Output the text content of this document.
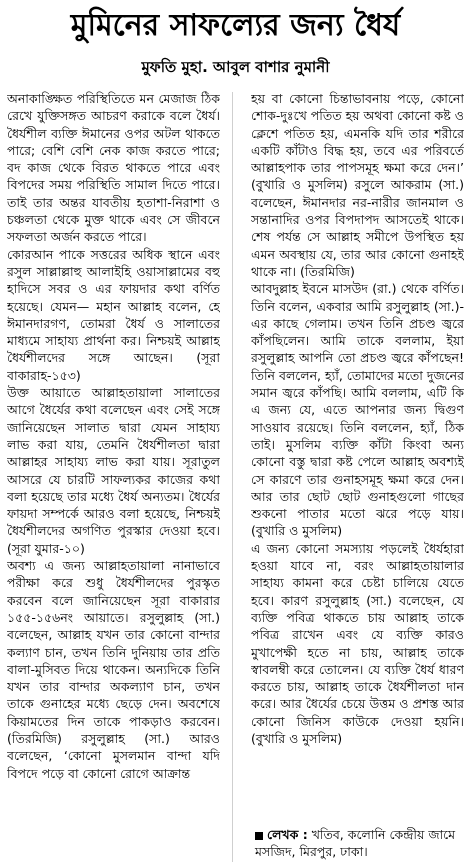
মুমিনের সাফল্যের জন্য ধৈর্য
মুফতি মুহা. আবুল বাশার নুমানী

অনাকাঙ্ক্ষিত পরিস্থিতিতে মন মেজাজ ঠিক রেখে যুক্তিসঙ্গত আচরণ করাকে বলে ধৈর্য। ধৈর্যশীল ব্যক্তি ঈমানের ওপর অটল থাকতে পারে; বেশি বেশি নেক কাজ করতে পারে; বদ কাজ থেকে বিরত থাকতে পারে এবং বিপদের সময় পরিস্থিতি সামাল দিতে পারে। তাই তার অন্তর যাবতীয় হতাশা-নিরাশা ও চঞ্চলতা থেকে মুক্ত থাকে এবং সে জীবনে সফলতা অর্জন করতে পারে।

কোরআন পাকে সত্তরের অধিক স্থানে এবং রসুল সাল্লাল্লাহু আলাইহি ওয়াসাল্লামের বহু হাদিসে সবর ও এর ফায়দার কথা বর্ণিত হয়েছে। যেমন— মহান আল্লাহ বলেন, হে ঈমানদারগণ, তোমরা ধৈর্য ও সালাতের মাধ্যমে সাহায্য প্রার্থনা কর। নিশ্চয়ই আল্লাহ ধৈর্যশীলদের সঙ্গে আছেন। (সূরা বাকারাহ-১৫৩)

উক্ত আয়াতে আল্লাহতায়ালা সালাতের আগে ধৈর্যের কথা বলেছেন এবং সেই সঙ্গে জানিয়েছেন সালাত দ্বারা যেমন সাহায্য লাভ করা যায়, তেমনি ধৈর্যশীলতা দ্বারা আল্লাহর সাহায্য লাভ করা যায়। সূরাতুল আসরে যে চারটি সাফল্যকর কাজের কথা বলা হয়েছে তার মধ্যে ধৈর্য অন্যতম। ধৈর্যের ফায়দা সম্পর্কে আরও বলা হয়েছে, নিশ্চয়ই ধৈর্যশীলদের অগণিত পুরস্কার দেওয়া হবে। (সূরা যুমার-১০)

অবশ্য এ জন্য আল্লাহতায়ালা নানাভাবে পরীক্ষা করে শুধু ধৈর্যশীলদের পুরস্কৃত করবেন বলে জানিয়েছেন সূরা বাকারার ১৫৫-১৫৬নং আয়াতে। রসুলুল্লাহ (সা.) বলেছেন, আল্লাহ যখন তার কোনো বান্দার কল্যাণ চান, তখন তিনি দুনিয়ায় তার প্রতি বালা-মুসিবত দিয়ে থাকেন। অন্যদিকে তিনি যখন তার বান্দার অকল্যাণ চান, তখন তাকে গুনাহের মধ্যে ছেড়ে দেন। অবশেষে কিয়ামতের দিন তাকে পাকড়াও করবেন। (তিরমিজি) রসুলুল্লাহ (সা.) আরও বলেছেন, ‘কোনো মুসলমান বান্দা যদি বিপদে পড়ে বা কোনো রোগে আক্রান্ত

হয় বা কোনো চিন্তাভাবনায় পড়ে, কোনো শোক-দুঃখে পতিত হয় অথবা কোনো কষ্ট ও ক্লেশে পতিত হয়, এমনকি যদি তার শরীরে একটি কাঁটাও বিদ্ধ হয়, তবে এর পরিবর্তে আল্লাহপাক তার পাপসমূহ ক্ষমা করে দেন।’ (বুখারি ও মুসলিম) রসুলে আকরাম (সা.) বলেছেন, ঈমানদার নর-নারীর জানমাল ও সন্তানাদির ওপর বিপদাপদ আসতেই থাকে। শেষ পর্যন্ত সে আল্লাহ সমীপে উপস্থিত হয় এমন অবস্থায় যে, তার আর কোনো গুনাহই থাকে না। (তিরমিজি)

আবদুল্লাহ ইবনে মাসউদ (রা.) থেকে বর্ণিত। তিনি বলেন, একবার আমি রসুলুল্লাহ (সা.)-এর কাছে গেলাম। তখন তিনি প্রচণ্ড জ্বরে কাঁপছিলেন। আমি তাকে বললাম, ইয়া রসুলুল্লাহ আপনি তো প্রচণ্ড জ্বরে কাঁপছেন! তিনি বললেন, হ্যাঁ, তোমাদের মতো দুজনের সমান জ্বরে কাঁপছি। আমি বললাম, এটি কি এ জন্য যে, এতে আপনার জন্য দ্বিগুণ সাওয়াব রয়েছে। তিনি বললেন, হ্যাঁ, ঠিক তাই। মুসলিম ব্যক্তি কাঁটা কিংবা অন্য কোনো বস্তু দ্বারা কষ্ট পেলে আল্লাহ অবশ্যই সে কারণে তার গুনাহসমূহ ক্ষমা করে দেন। আর তার ছোট ছোট গুনাহগুলো গাছের শুকনো পাতার মতো ঝরে পড়ে যায়। (বুখারি ও মুসলিম)

এ জন্য কোনো সমস্যায় পড়লেই ধৈর্যহারা হওয়া যাবে না, বরং আল্লাহতায়ালার সাহায্য কামনা করে চেষ্টা চালিয়ে যেতে হবে। কারণ রসুলুল্লাহ (সা.) বলেছেন, যে ব্যক্তি পবিত্র থাকতে চায় আল্লাহ তাকে পবিত্র রাখেন এবং যে ব্যক্তি কারও মুখাপেক্ষী হতে না চায়, আল্লাহ তাকে স্বাবলম্বী করে তোলেন। যে ব্যক্তি ধৈর্য ধারণ করতে চায়, আল্লাহ তাকে ধৈর্যশীলতা দান করে। আর ধৈর্যের চেয়ে উত্তম ও প্রশস্ত আর কোনো জিনিস কাউকে দেওয়া হয়নি। (বুখারি ও মুসলিম)

লেখক : খতিব, কলোনি কেন্দ্রীয় জামে মসজিদ, মিরপুর, ঢাকা।
